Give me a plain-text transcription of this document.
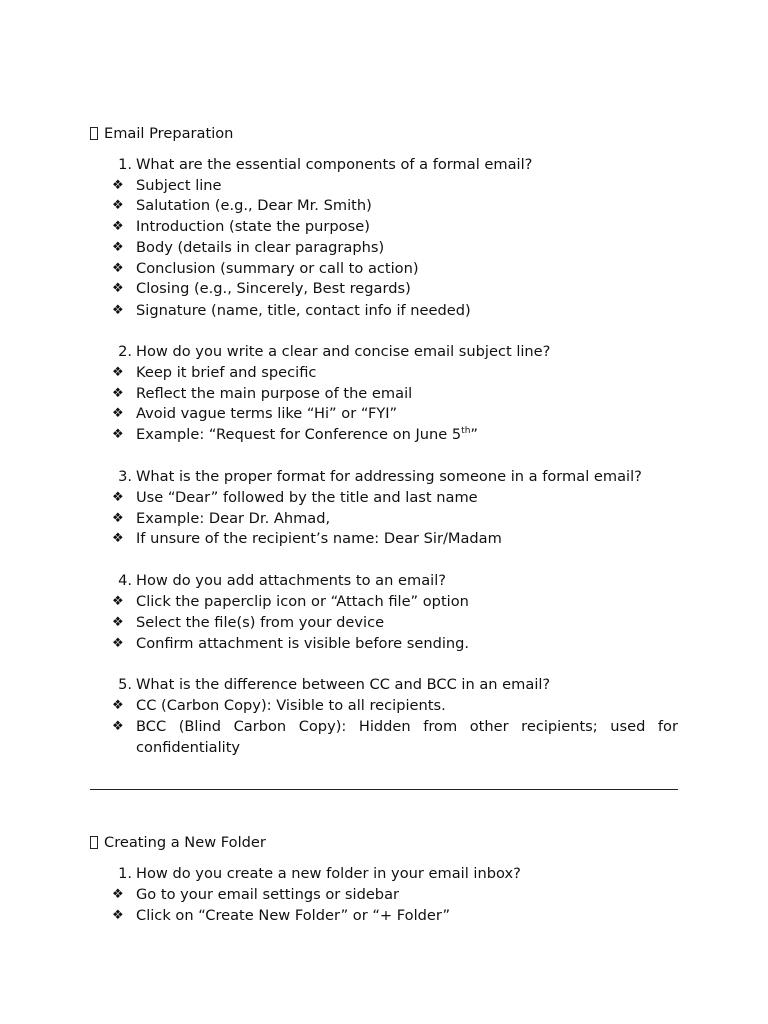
Email Preparation
1. What are the essential components of a formal email?
❖ Subject line
❖ Salutation (e.g., Dear Mr. Smith)
❖ Introduction (state the purpose)
❖ Body (details in clear paragraphs)
❖ Conclusion (summary or call to action)
❖ Closing (e.g., Sincerely, Best regards)
❖ Signature (name, title, contact info if needed)
2. How do you write a clear and concise email subject line?
❖ Keep it brief and specific
❖ Reflect the main purpose of the email
❖ Avoid vague terms like “Hi” or “FYI”
❖ Example: “Request for Conference on June 5th”
3. What is the proper format for addressing someone in a formal email?
❖ Use “Dear” followed by the title and last name
❖ Example: Dear Dr. Ahmad,
❖ If unsure of the recipient’s name: Dear Sir/Madam
4. How do you add attachments to an email?
❖ Click the paperclip icon or “Attach file” option
❖ Select the file(s) from your device
❖ Confirm attachment is visible before sending.
5. What is the difference between CC and BCC in an email?
❖ CC (Carbon Copy): Visible to all recipients.
❖ BCC (Blind Carbon Copy): Hidden from other recipients; used for
confidentiality
Creating a New Folder
1. How do you create a new folder in your email inbox?
❖ Go to your email settings or sidebar
❖ Click on “Create New Folder” or “+ Folder”
